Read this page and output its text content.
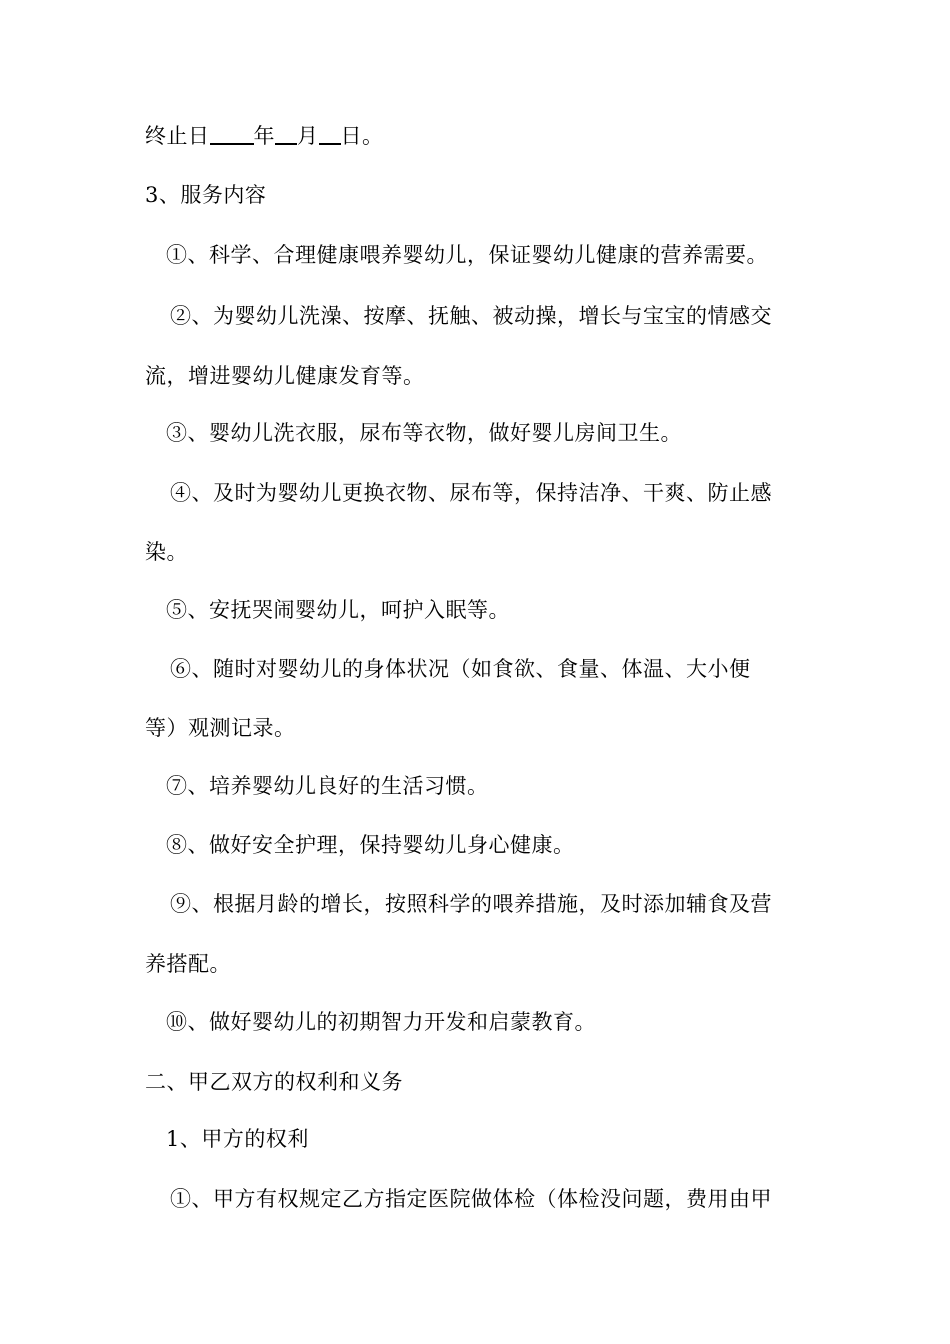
终止日 年 月 日。
3、服务内容
①、科学、合理健康喂养婴幼儿，保证婴幼儿健康的营养需要。
②、为婴幼儿洗澡、按摩、抚触、被动操，增长与宝宝的情感交
流，增进婴幼儿健康发育等。
③、婴幼儿洗衣服，尿布等衣物，做好婴儿房间卫生。
④、及时为婴幼儿更换衣物、尿布等，保持洁净、干爽、防止感
染。
⑤、安抚哭闹婴幼儿，呵护入眠等。
⑥、随时对婴幼儿的身体状况（如食欲、食量、体温、大小便
等）观测记录。
⑦、培养婴幼儿良好的生活习惯。
⑧、做好安全护理，保持婴幼儿身心健康。
⑨、根据月龄的增长，按照科学的喂养措施，及时添加辅食及营
养搭配。
⑩、做好婴幼儿的初期智力开发和启蒙教育。
二、甲乙双方的权利和义务
1、甲方的权利
①、甲方有权规定乙方指定医院做体检（体检没问题，费用由甲
